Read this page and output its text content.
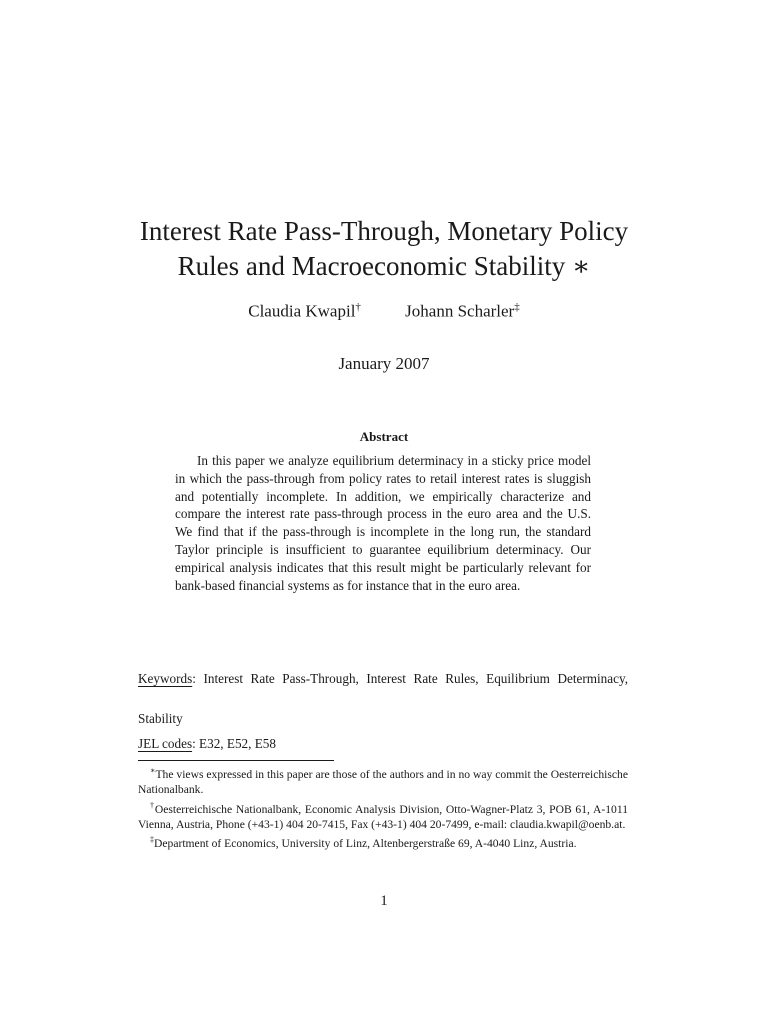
Interest Rate Pass-Through, Monetary Policy
Rules and Macroeconomic Stability ∗
Claudia Kwapil†	Johann Scharler‡
January 2007
Abstract

In this paper we analyze equilibrium determinacy in a sticky price model in which the pass-through from policy rates to retail interest rates is sluggish and potentially incomplete. In addition, we empirically characterize and compare the interest rate pass-through process in the euro area and the U.S. We find that if the pass-through is incomplete in the long run, the standard Taylor principle is insufficient to guarantee equilibrium determinacy. Our empirical analysis indicates that this result might be particularly relevant for bank-based financial systems as for instance that in the euro area.

Keywords: Interest Rate Pass-Through, Interest Rate Rules, Equilibrium Determinacy, Stability

JEL codes: E32, E52, E58

∗The views expressed in this paper are those of the authors and in no way commit the Oesterreichische Nationalbank.

†Oesterreichische Nationalbank, Economic Analysis Division, Otto-Wagner-Platz 3, POB 61, A-1011 Vienna, Austria, Phone (+43-1) 404 20-7415, Fax (+43-1) 404 20-7499, e-mail: claudia.kwapil@oenb.at.

‡Department of Economics, University of Linz, Altenbergerstraße 69, A-4040 Linz, Austria.

1
